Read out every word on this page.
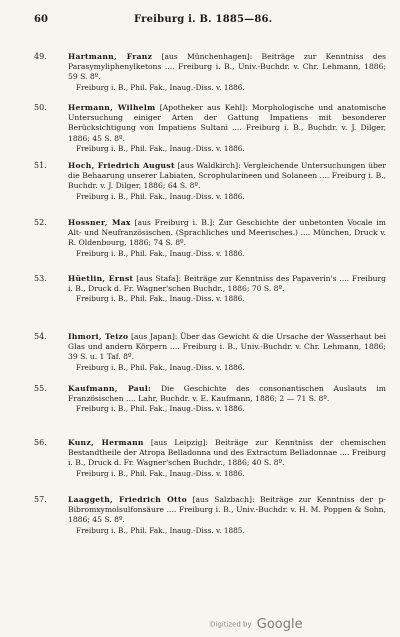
60	Freiburg i. B. 1885—86.
49.	Hartmann, Franz [aus Münchenhagen]: Beiträge zur Kenntniss des Parasymyliphenylketons .... Freiburg i. B., Univ.-Buchdr. v. Chr. Lehmann, 1886; 59 S. 8º.

Freiburg i. B., Phil. Fak., Inaug.-Diss. v. 1886.

50.	Hermann, Wilhelm [Apotheker aus Kehl]: Morphologische und anatomische Untersuchung einiger Arten der Gattung Impatiens mit besonderer Berücksichtigung von Impatiens Sultani .... Freiburg i. B., Buchdr. v. J. Dilger, 1886; 45 S. 8º.

Freiburg i. B., Phil. Fak., Inaug.-Diss. v. 1886.

51.	Hoch, Friedrich August [aus Waldkirch]: Vergleichende Untersuchungen über die Behaarung unserer Labiaten, Scrophularineen und Solaneen .... Freiburg i. B., Buchdr. v. J. Dilger, 1886; 64 S. 8º.

Freiburg i. B., Phil. Fak., Inaug.-Diss. v. 1886.

52.	Hossner, Max [aus Freiburg i. B.]: Zur Geschichte der unbetonten Vocale im Alt- und Neufranzösischen. (Sprachliches und Meerisches.) .... München, Druck v. R. Oldenbourg, 1886; 74 S. 8º.

Freiburg i. B., Phil. Fak., Inaug.-Diss. v. 1886.

53.	Hüetlin, Ernst [aus Stafa]: Beiträge zur Kenntniss des Papaverin's .... Freiburg i. B., Druck d. Fr. Wagner'schen Buchdr., 1886; 70 S. 8º.

Freiburg i. B., Phil. Fak., Inaug.-Diss. v. 1886.

54.	Ihmori, Teizo [aus Japan]: Über das Gewicht & die Ursache der Wasserhaut bei Glas und andern Körpern .... Freiburg i. B., Univ.-Buchdr. v. Chr. Lehmann, 1886; 39 S. u. 1 Taf. 8º.

Freiburg i. B., Phil. Fak., Inaug.-Diss. v. 1886.

55.	Kaufmann, Paul: Die Geschichte des consonantischen Auslauts im Französischen .... Lahr, Buchdr. v. E. Kaufmann, 1886; 2 — 71 S. 8º.

Freiburg i. B., Phil. Fak., Inaug.-Diss. v. 1886.

56.	Kunz, Hermann [aus Leipzig]: Beiträge zur Kenntniss der chemischen Bestandtheile der Atropa Belladonna und des Extractum Belladonnae .... Freiburg i. B., Druck d. Fr. Wagner'schen Buchdr., 1886; 40 S. 8º.

Freiburg i. B., Phil. Fak., Inaug.-Diss. v. 1886.

57.	Laaggeth, Friedrich Otto [aus Salzbach]: Beiträge zur Kenntniss der p-Bibromxymolsulfonsäure .... Freiburg i. B., Univ.-Buchdr. v. H. M. Poppen & Sohn, 1886; 45 S. 8º.

Freiburg i. B., Phil. Fak., Inaug.-Diss. v. 1885.

Digitized by Google
